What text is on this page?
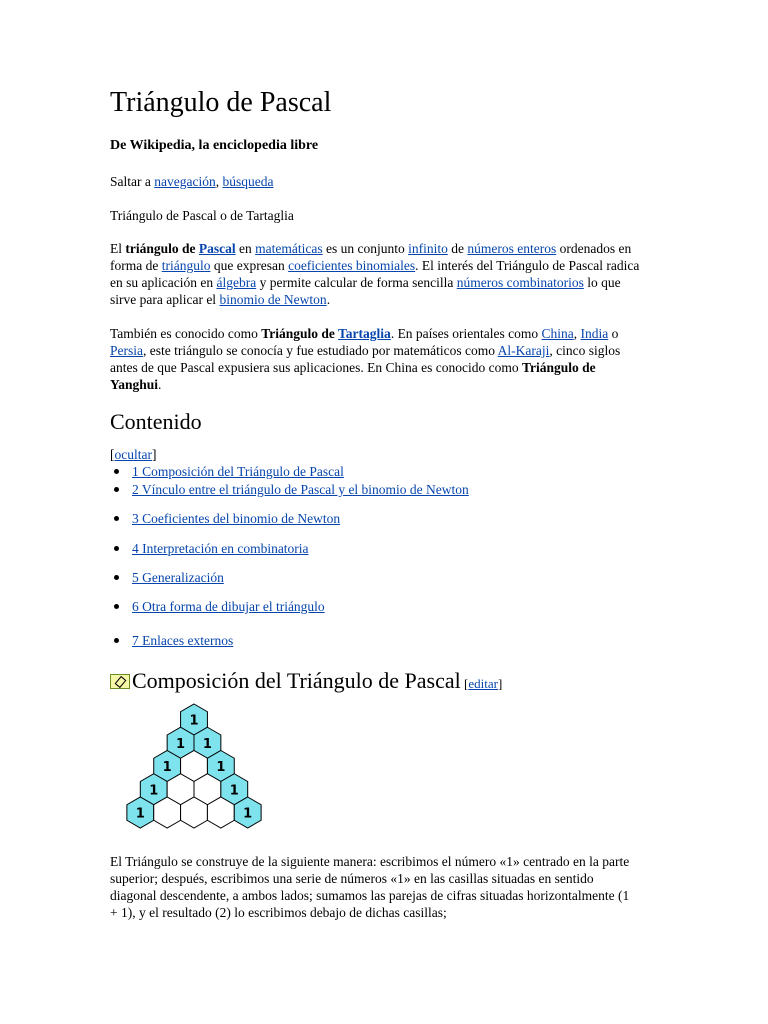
Triángulo de Pascal

De Wikipedia, la enciclopedia libre

Saltar a navegación, búsqueda

Triángulo de Pascal o de Tartaglia

El triángulo de Pascal en matemáticas es un conjunto infinito de números enteros ordenados en forma de triángulo que expresan coeficientes binomiales. El interés del Triángulo de Pascal radica en su aplicación en álgebra y permite calcular de forma sencilla números combinatorios lo que sirve para aplicar el binomio de Newton.

También es conocido como Triángulo de Tartaglia. En países orientales como China, India o Persia, este triángulo se conocía y fue estudiado por matemáticos como Al-Karaji, cinco siglos antes de que Pascal expusiera sus aplicaciones. En China es conocido como Triángulo de Yanghui.

Contenido

[ocultar]

1 Composición del Triángulo de Pascal
2 Vínculo entre el triángulo de Pascal y el binomio de Newton
3 Coeficientes del binomio de Newton
4 Interpretación en combinatoria
5 Generalización
6 Otra forma de dibujar el triángulo
7 Enlaces externos
Composición del Triángulo de Pascal [editar]
1
1 1
1	1
1	1
1	1

El Triángulo se construye de la siguiente manera: escribimos el número «1» centrado en la parte superior; después, escribimos una serie de números «1» en las casillas situadas en sentido diagonal descendente, a ambos lados; sumamos las parejas de cifras situadas horizontalmente (1 + 1), y el resultado (2) lo escribimos debajo de dichas casillas;
